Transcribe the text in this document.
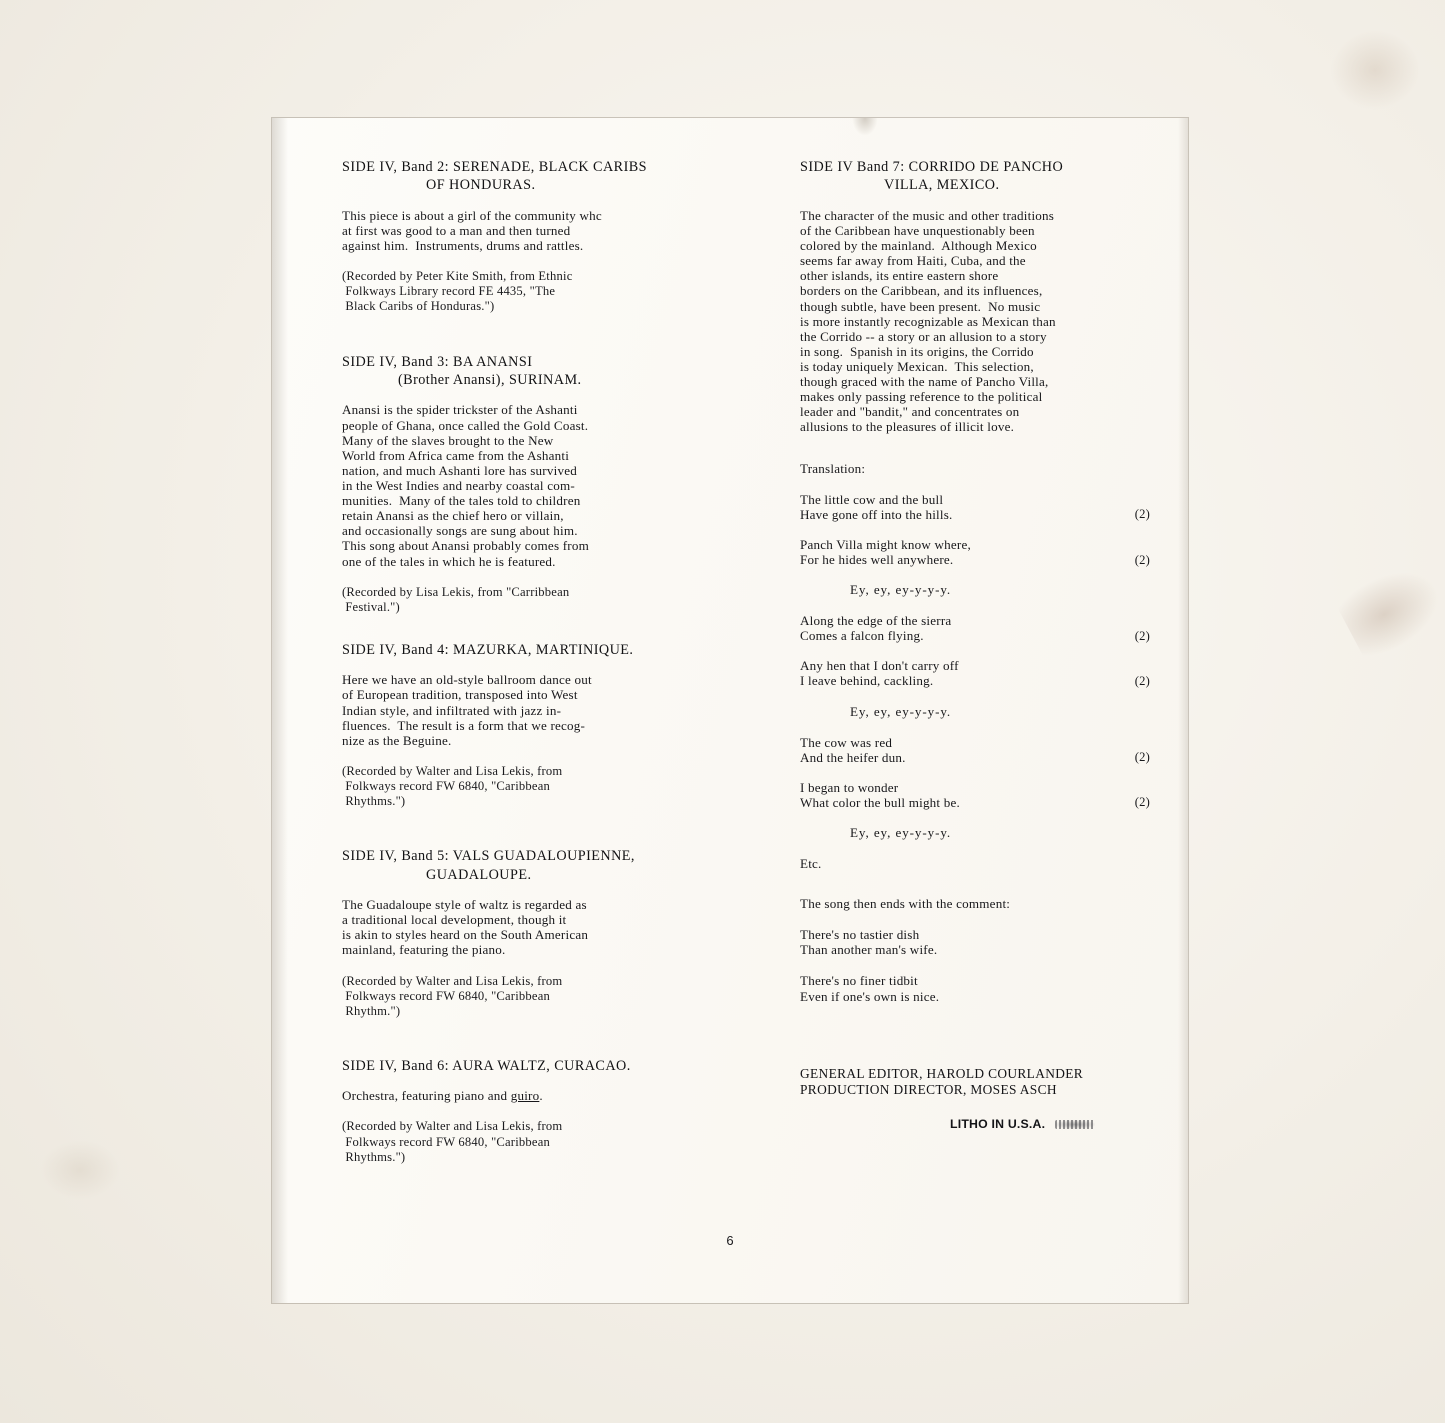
SIDE IV, Band 2: SERENADE, BLACK CARIBS
OF HONDURAS.

This piece is about a girl of the community whc
at first was good to a man and then turned
against him.  Instruments, drums and rattles.

(Recorded by Peter Kite Smith, from Ethnic
Folkways Library record FE 4435, "The
Black Caribs of Honduras.")

SIDE IV, Band 3: BA ANANSI
(Brother Anansi), SURINAM.

Anansi is the spider trickster of the Ashanti
people of Ghana, once called the Gold Coast.
Many of the slaves brought to the New
World from Africa came from the Ashanti
nation, and much Ashanti lore has survived
in the West Indies and nearby coastal com-
munities.  Many of the tales told to children
retain Anansi as the chief hero or villain,
and occasionally songs are sung about him.
This song about Anansi probably comes from
one of the tales in which he is featured.

(Recorded by Lisa Lekis, from "Carribbean
Festival.")

SIDE IV, Band 4: MAZURKA, MARTINIQUE.

Here we have an old-style ballroom dance out
of European tradition, transposed into West
Indian style, and infiltrated with jazz in-
fluences.  The result is a form that we recog-
nize as the Beguine.

(Recorded by Walter and Lisa Lekis, from
Folkways record FW 6840, "Caribbean
Rhythms.")

SIDE IV, Band 5: VALS GUADALOUPIENNE,
GUADALOUPE.

The Guadaloupe style of waltz is regarded as
a traditional local development, though it
is akin to styles heard on the South American
mainland, featuring the piano.

(Recorded by Walter and Lisa Lekis, from
Folkways record FW 6840, "Caribbean
Rhythm.")

SIDE IV, Band 6: AURA WALTZ, CURACAO.

Orchestra, featuring piano and guiro.

(Recorded by Walter and Lisa Lekis, from
Folkways record FW 6840, "Caribbean
Rhythms.")

SIDE IV Band 7: CORRIDO DE PANCHO
VILLA, MEXICO.

The character of the music and other traditions
of the Caribbean have unquestionably been
colored by the mainland.  Although Mexico
seems far away from Haiti, Cuba, and the
other islands, its entire eastern shore
borders on the Caribbean, and its influences,
though subtle, have been present.  No music
is more instantly recognizable as Mexican than
the Corrido -- a story or an allusion to a story
in song.  Spanish in its origins, the Corrido
is today uniquely Mexican.  This selection,
though graced with the name of Pancho Villa,
makes only passing reference to the political
leader and "bandit," and concentrates on
allusions to the pleasures of illicit love.

Translation:

The little cow and the bull
Have gone off into the hills.	(2)
Panch Villa might know where,
For he hides well anywhere.	(2)
Ey, ey, ey-y-y-y.
Along the edge of the sierra
Comes a falcon flying.	(2)
Any hen that I don't carry off
I leave behind, cackling.	(2)
Ey, ey, ey-y-y-y.
The cow was red
And the heifer dun.	(2)
I began to wonder
What color the bull might be.	(2)
Ey, ey, ey-y-y-y.
Etc.

The song then ends with the comment:

There's no tastier dish
Than another man's wife.

There's no finer tidbit
Even if one's own is nice.

GENERAL EDITOR, HAROLD COURLANDER
PRODUCTION DIRECTOR, MOSES ASCH

LITHO IN U.S.A.
6
